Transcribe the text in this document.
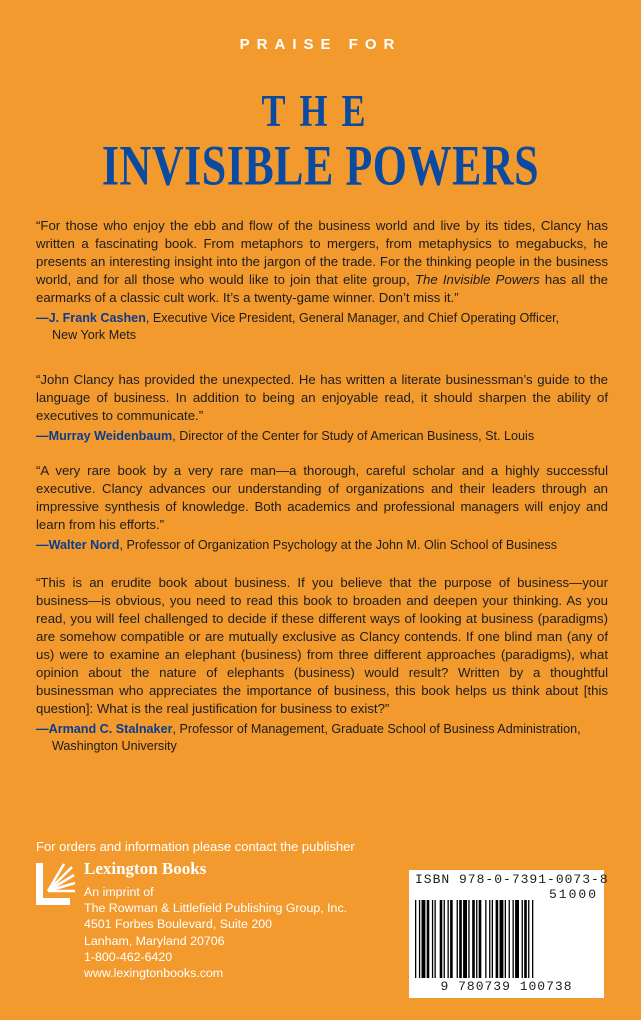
PRAISE FOR
THE
INVISIBLE POWERS

“For those who enjoy the ebb and flow of the business world and live by its tides, Clancy has written a fascinating book. From metaphors to mergers, from metaphysics to megabucks, he presents an interesting insight into the jargon of the trade. For the thinking people in the business world, and for all those who would like to join that elite group, The Invisible Powers has all the earmarks of a classic cult work. It’s a twenty-game winner. Don’t miss it.”

—J. Frank Cashen, Executive Vice President, General Manager, and Chief Operating Officer,
New York Mets

“John Clancy has provided the unexpected. He has written a literate businessman’s guide to the language of business. In addition to being an enjoyable read, it should sharpen the ability of executives to communicate.”

—Murray Weidenbaum, Director of the Center for Study of American Business, St. Louis

“A very rare book by a very rare man—a thorough, careful scholar and a highly successful executive. Clancy advances our understanding of organizations and their leaders through an impressive synthesis of knowledge. Both academics and professional managers will enjoy and learn from his efforts.”

—Walter Nord, Professor of Organization Psychology at the John M. Olin School of Business

“This is an erudite book about business. If you believe that the purpose of business—your business—is obvious, you need to read this book to broaden and deepen your thinking. As you read, you will feel challenged to decide if these different ways of looking at business (paradigms) are somehow compatible or are mutually exclusive as Clancy contends. If one blind man (any of us) were to examine an elephant (business) from three different approaches (paradigms), what opinion about the nature of elephants (business) would result? Written by a thoughtful businessman who appreciates the importance of business, this book helps us think about [this question]: What is the real justification for business to exist?”

—Armand C. Stalnaker, Professor of Management, Graduate School of Business Administration,
Washington University
For orders and information please contact the publisher
Lexington Books
An imprint of
The Rowman & Littlefield Publishing Group, Inc.
4501 Forbes Boulevard, Suite 200
Lanham, Maryland 20706
1-800-462-6420
www.lexingtonbooks.com
ISBN 978-0-7391-0073-8
51000
9 780739 100738
